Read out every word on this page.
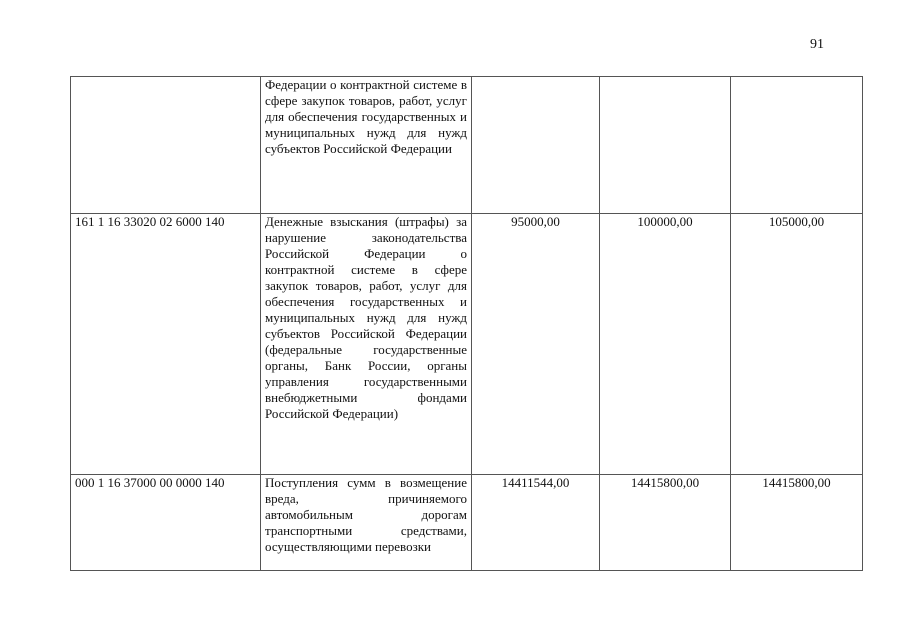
91
	Федерации о контрактной системе в сфере закупок товаров, работ, услуг для обеспечения государственных и муниципальных нужд для нужд субъектов Российской Федерации			
161 1 16 33020 02 6000 140	Денежные взыскания (штрафы) за нарушение законодательства Российской Федерации о контрактной системе в сфере закупок товаров, работ, услуг для обеспечения государственных и муниципальных нужд для нужд субъектов Российской Федерации (федеральные государственные органы, Банк России, органы управления государственными внебюджетными фондами Российской Федерации)	95000,00	100000,00	105000,00
000 1 16 37000 00 0000 140	Поступления сумм в возмещение вреда, причиняемого автомобильным дорогам транспортными средствами, осуществляющими перевозки	14411544,00	14415800,00	14415800,00
